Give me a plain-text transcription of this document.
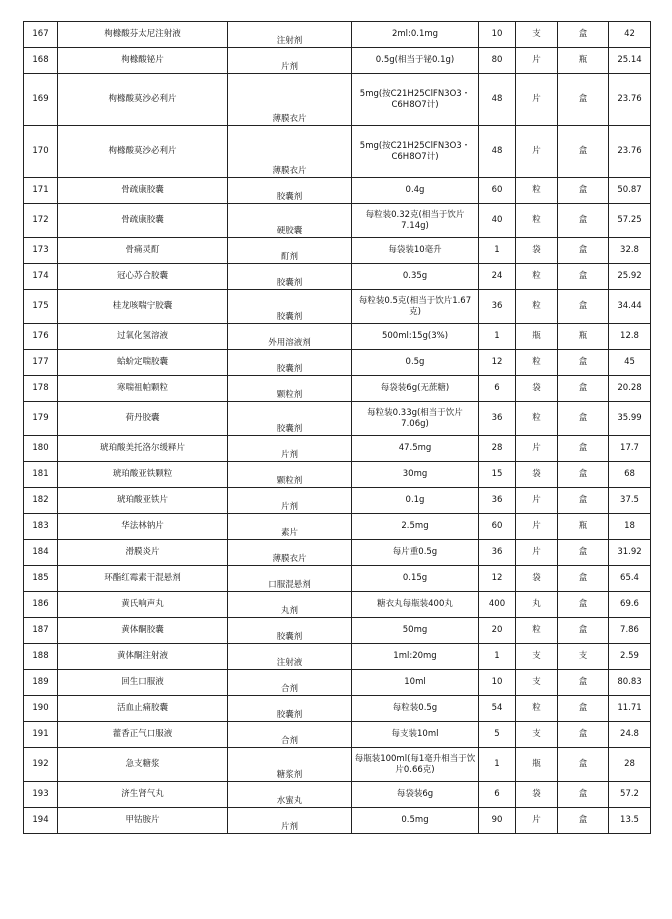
167	枸橼酸芬太尼注射液	注射剂	2ml:0.1mg	10	支	盒	42
168	枸橼酸铋片	片剂	0.5g(相当于铋0.1g)	80	片	瓶	25.14
169	枸橼酸莫沙必利片	薄膜衣片	5mg(按C21H25ClFN3O3・C6H8O7计)	48	片	盒	23.76
170	枸橼酸莫沙必利片	薄膜衣片	5mg(按C21H25ClFN3O3・C6H8O7计)	48	片	盒	23.76
171	骨疏康胶囊	胶囊剂	0.4g	60	粒	盒	50.87
172	骨疏康胶囊	硬胶囊	每粒装0.32克(相当于饮片7.14g)	40	粒	盒	57.25
173	骨痛灵酊	酊剂	每袋装10毫升	1	袋	盒	32.8
174	冠心苏合胶囊	胶囊剂	0.35g	24	粒	盒	25.92
175	桂龙咳喘宁胶囊	胶囊剂	每粒装0.5克(相当于饮片1.67克)	36	粒	盒	34.44
176	过氧化氢溶液	外用溶液剂	500ml:15g(3%)	1	瓶	瓶	12.8
177	蛤蚧定喘胶囊	胶囊剂	0.5g	12	粒	盒	45
178	寒喘祖帕颗粒	颗粒剂	每袋装6g(无蔗糖)	6	袋	盒	20.28
179	荷丹胶囊	胶囊剂	每粒装0.33g(相当于饮片7.06g)	36	粒	盒	35.99
180	琥珀酸美托洛尔缓释片	片剂	47.5mg	28	片	盒	17.7
181	琥珀酸亚铁颗粒	颗粒剂	30mg	15	袋	盒	68
182	琥珀酸亚铁片	片剂	0.1g	36	片	盒	37.5
183	华法林钠片	素片	2.5mg	60	片	瓶	18
184	滑膜炎片	薄膜衣片	每片重0.5g	36	片	盒	31.92
185	环酯红霉素干混悬剂	口服混悬剂	0.15g	12	袋	盒	65.4
186	黄氏响声丸	丸剂	糖衣丸每瓶装400丸	400	丸	盒	69.6
187	黄体酮胶囊	胶囊剂	50mg	20	粒	盒	7.86
188	黄体酮注射液	注射液	1ml:20mg	1	支	支	2.59
189	回生口服液	合剂	10ml	10	支	盒	80.83
190	活血止痛胶囊	胶囊剂	每粒装0.5g	54	粒	盒	11.71
191	藿香正气口服液	合剂	每支装10ml	5	支	盒	24.8
192	急支糖浆	糖浆剂	每瓶装100ml(每1毫升相当于饮片0.66克)	1	瓶	盒	28
193	济生肾气丸	水蜜丸	每袋装6g	6	袋	盒	57.2
194	甲钴胺片	片剂	0.5mg	90	片	盒	13.5
